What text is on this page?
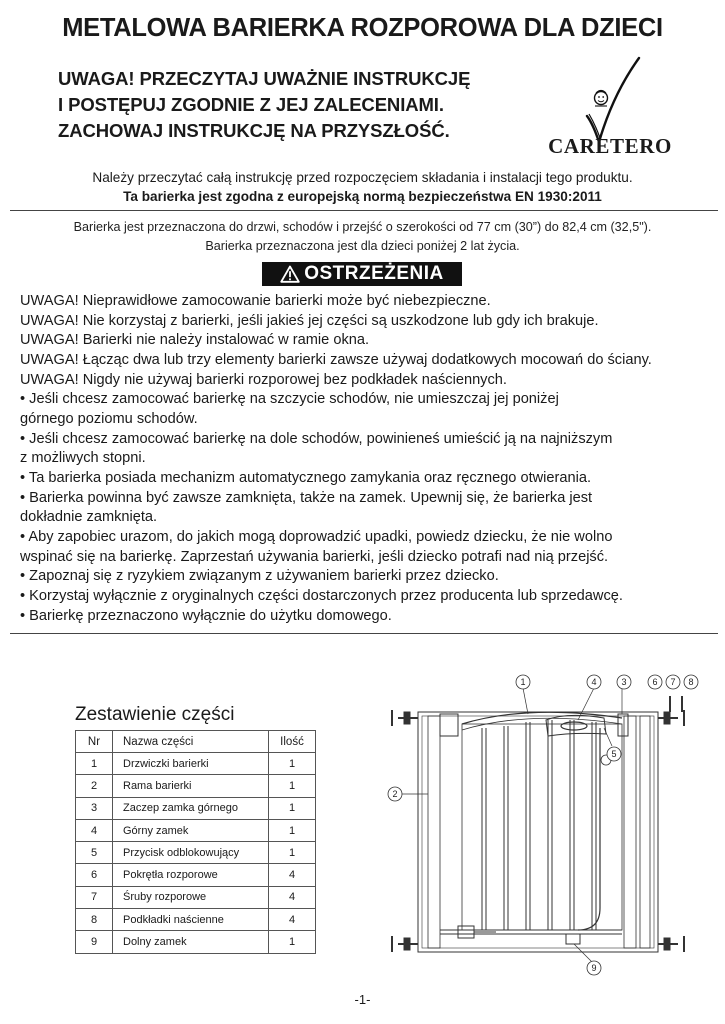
METALOWA BARIERKA ROZPOROWA DLA DZIECI
UWAGA! PRZECZYTAJ UWAŻNIE INSTRUKCJĘ
I POSTĘPUJ ZGODNIE Z JEJ ZALECENIAMI.
ZACHOWAJ INSTRUKCJĘ NA PRZYSZŁOŚĆ.
CARETERO
Należy przeczytać całą instrukcję przed rozpoczęciem składania i instalacji tego produktu.
Ta barierka jest zgodna z europejską normą bezpieczeństwa EN 1930:2011
Barierka jest przeznaczona do drzwi, schodów i przejść o szerokości od 77 cm (30”) do 82,4 cm (32,5").
Barierka przeznaczona jest dla dzieci poniżej 2 lat życia.
OSTRZEŻENIA
UWAGA! Nieprawidłowe zamocowanie barierki może być niebezpieczne.
UWAGA! Nie korzystaj z barierki, jeśli jakieś jej części są uszkodzone lub gdy ich brakuje.
UWAGA! Barierki nie należy instalować w ramie okna.
UWAGA! Łącząc dwa lub trzy elementy barierki zawsze używaj dodatkowych mocowań do ściany.
UWAGA! Nigdy nie używaj barierki rozporowej bez podkładek naściennych.
• Jeśli chcesz zamocować barierkę na szczycie schodów, nie umieszczaj jej poniżej
górnego poziomu schodów.
• Jeśli chcesz zamocować barierkę na dole schodów, powinieneś umieścić ją na najniższym
z możliwych stopni.
• Ta barierka posiada mechanizm automatycznego zamykania oraz ręcznego otwierania.
• Barierka powinna być zawsze zamknięta, także na zamek. Upewnij się, że barierka jest
dokładnie zamknięta.
• Aby zapobiec urazom, do jakich mogą doprowadzić upadki, powiedz dziecku, że nie wolno
wspinać się na barierkę. Zaprzestań używania barierki, jeśli dziecko potrafi nad nią przejść.
• Zapoznaj się z ryzykiem związanym z używaniem barierki przez dziecko.
• Korzystaj wyłącznie z oryginalnych części dostarczonych przez producenta lub sprzedawcę.
• Barierkę przeznaczono wyłącznie do użytku domowego.
Zestawienie części
Nr	Nazwa części	Ilość
1	Drzwiczki barierki	1
2	Rama barierki	1
3	Zaczep zamka górnego	1
4	Górny zamek	1
5	Przycisk odblokowujący	1
6	Pokrętła rozporowe	4
7	Śruby rozporowe	4
8	Podkładki naścienne	4
9	Dolny zamek	1
1
2
3
4
5
6 7 8
9
-1-
